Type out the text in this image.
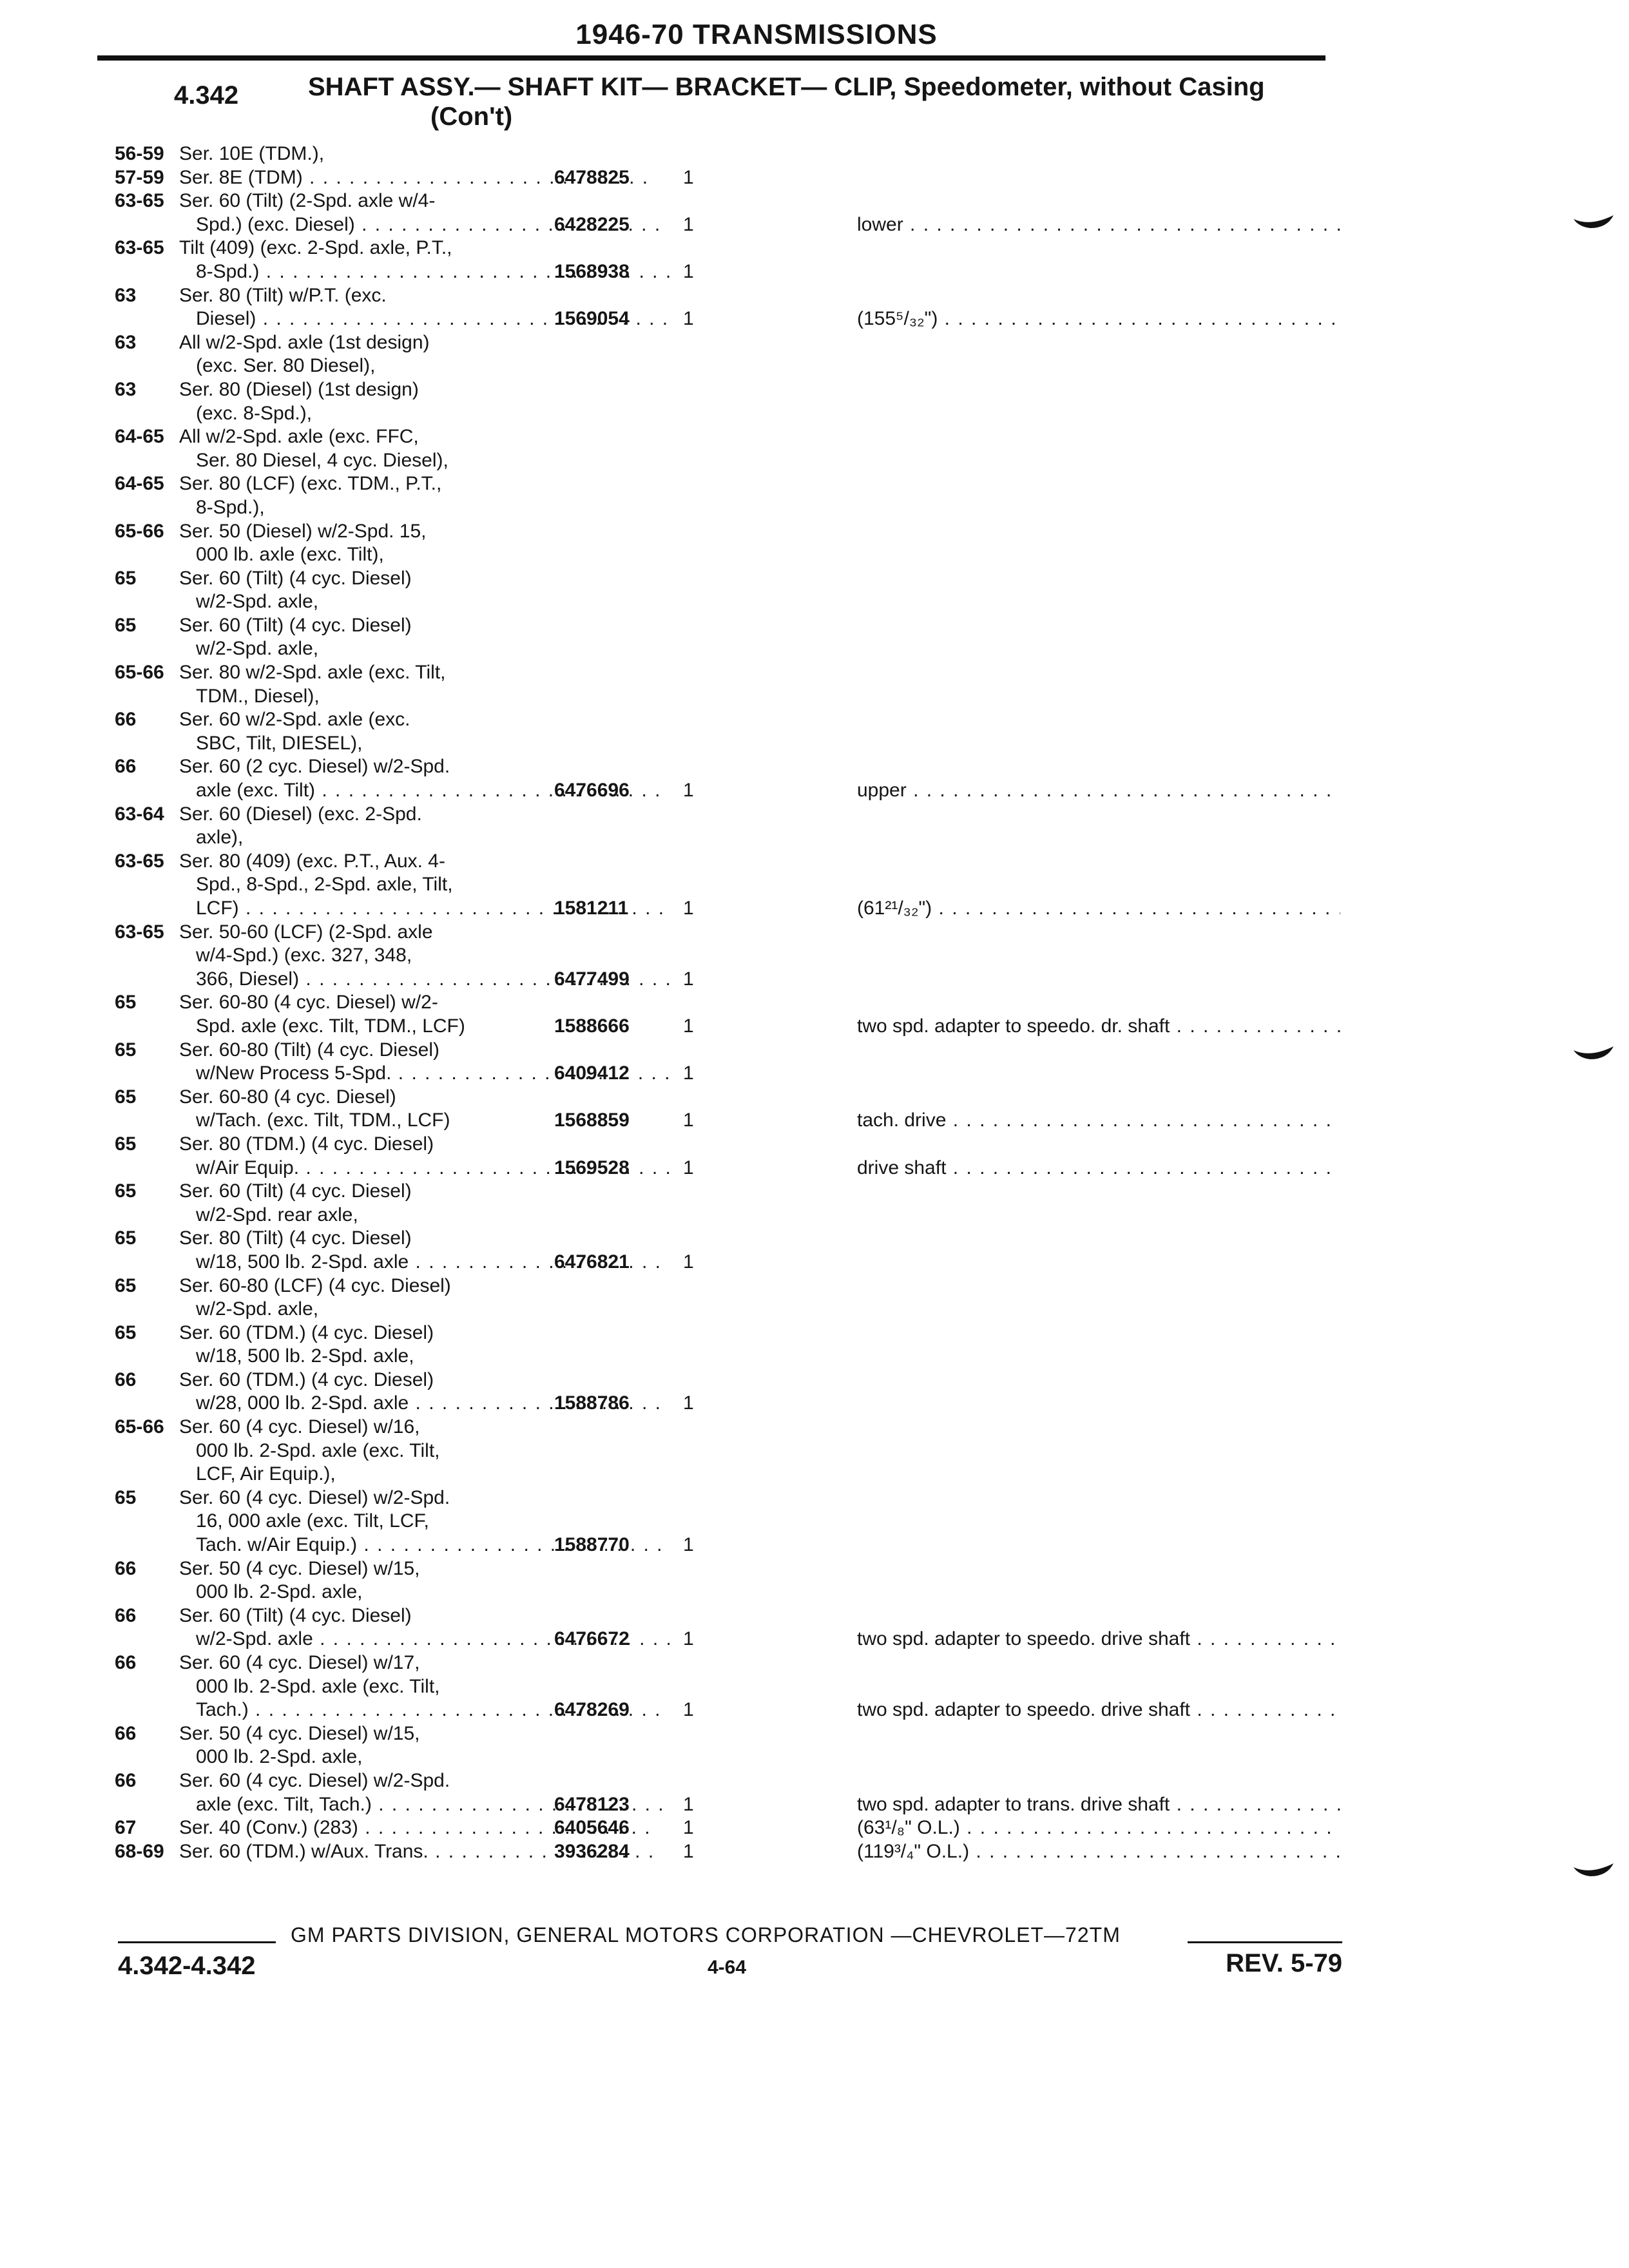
1946-70 TRANSMISSIONS
4.342	SHAFT ASSY.— SHAFT KIT— BRACKET— CLIP, Speedometer, without Casing
(Con't)
56-59 Ser. 10E (TDM.),
57-59 Ser. 8E (TDM) . . .	6478825	1
63-65 Ser. 60 (Tilt) (2-Spd. axle w/4-
Spd.) (exc. Diesel) . . .	6428225	1	lower . . .
63-65 Tilt (409) (exc. 2-Spd. axle, P.T.,
8-Spd.) . . .	1568938	1
63 Ser. 80 (Tilt) w/P.T. (exc.
Diesel) . . .	1569054	1	(155⁵/₃₂") . . .
63 All w/2-Spd. axle (1st design)
(exc. Ser. 80 Diesel),
63 Ser. 80 (Diesel) (1st design)
(exc. 8-Spd.),
64-65 All w/2-Spd. axle (exc. FFC,
Ser. 80 Diesel, 4 cyc. Diesel),
64-65 Ser. 80 (LCF) (exc. TDM., P.T.,
8-Spd.),
65-66 Ser. 50 (Diesel) w/2-Spd. 15,
000 lb. axle (exc. Tilt),
65 Ser. 60 (Tilt) (4 cyc. Diesel)
w/2-Spd. axle,
65 Ser. 60 (Tilt) (4 cyc. Diesel)
w/2-Spd. axle,
65-66 Ser. 80 w/2-Spd. axle (exc. Tilt,
TDM., Diesel),
66 Ser. 60 w/2-Spd. axle (exc.
SBC, Tilt, DIESEL),
66 Ser. 60 (2 cyc. Diesel) w/2-Spd.
axle (exc. Tilt) . . .	6476696	1	upper . . .
63-64 Ser. 60 (Diesel) (exc. 2-Spd.
axle),
63-65 Ser. 80 (409) (exc. P.T., Aux. 4-
Spd., 8-Spd., 2-Spd. axle, Tilt,
LCF) . . .	1581211	1	(61²¹/₃₂") . . .
63-65 Ser. 50-60 (LCF) (2-Spd. axle
w/4-Spd.) (exc. 327, 348,
366, Diesel) . . .	6477499	1
65 Ser. 60-80 (4 cyc. Diesel) w/2-
Spd. axle (exc. Tilt, TDM., LCF)	1588666	1	two spd. adapter to speedo. dr. shaft . . .
65 Ser. 60-80 (Tilt) (4 cyc. Diesel)
w/New Process 5-Spd. . . .	6409412	1
65 Ser. 60-80 (4 cyc. Diesel)
w/Tach. (exc. Tilt, TDM., LCF)	1568859	1	tach. drive . . .
65 Ser. 80 (TDM.) (4 cyc. Diesel)
w/Air Equip. . . .	1569528	1	drive shaft . . .
65 Ser. 60 (Tilt) (4 cyc. Diesel)
w/2-Spd. rear axle,
65 Ser. 80 (Tilt) (4 cyc. Diesel)
w/18, 500 lb. 2-Spd. axle . . .	6476821	1
65 Ser. 60-80 (LCF) (4 cyc. Diesel)
w/2-Spd. axle,
65 Ser. 60 (TDM.) (4 cyc. Diesel)
w/18, 500 lb. 2-Spd. axle,
66 Ser. 60 (TDM.) (4 cyc. Diesel)
w/28, 000 lb. 2-Spd. axle . . .	1588786	1
65-66 Ser. 60 (4 cyc. Diesel) w/16,
000 lb. 2-Spd. axle (exc. Tilt,
LCF, Air Equip.),
65 Ser. 60 (4 cyc. Diesel) w/2-Spd.
16, 000 axle (exc. Tilt, LCF,
Tach. w/Air Equip.) . . .	1588770	1
66 Ser. 50 (4 cyc. Diesel) w/15,
000 lb. 2-Spd. axle,
66 Ser. 60 (Tilt) (4 cyc. Diesel)
w/2-Spd. axle . . .	6476672	1	two spd. adapter to speedo. drive shaft . . .
66 Ser. 60 (4 cyc. Diesel) w/17,
000 lb. 2-Spd. axle (exc. Tilt,
Tach.) . . .	6478269	1	two spd. adapter to speedo. drive shaft . . .
66 Ser. 50 (4 cyc. Diesel) w/15,
000 lb. 2-Spd. axle,
66 Ser. 60 (4 cyc. Diesel) w/2-Spd.
axle (exc. Tilt, Tach.) . . .	6478123	1	two spd. adapter to trans. drive shaft . . .
67 Ser. 40 (Conv.) (283) . . .	6405646	1	(63¹/₈" O.L.) . . .
68-69 Ser. 60 (TDM.) w/Aux. Trans. . . .	3936284	1	(119³/₄" O.L.) . . .
GM PARTS DIVISION, GENERAL MOTORS CORPORATION —CHEVROLET—72TM
4.342-4.342	4-64	REV. 5-79
